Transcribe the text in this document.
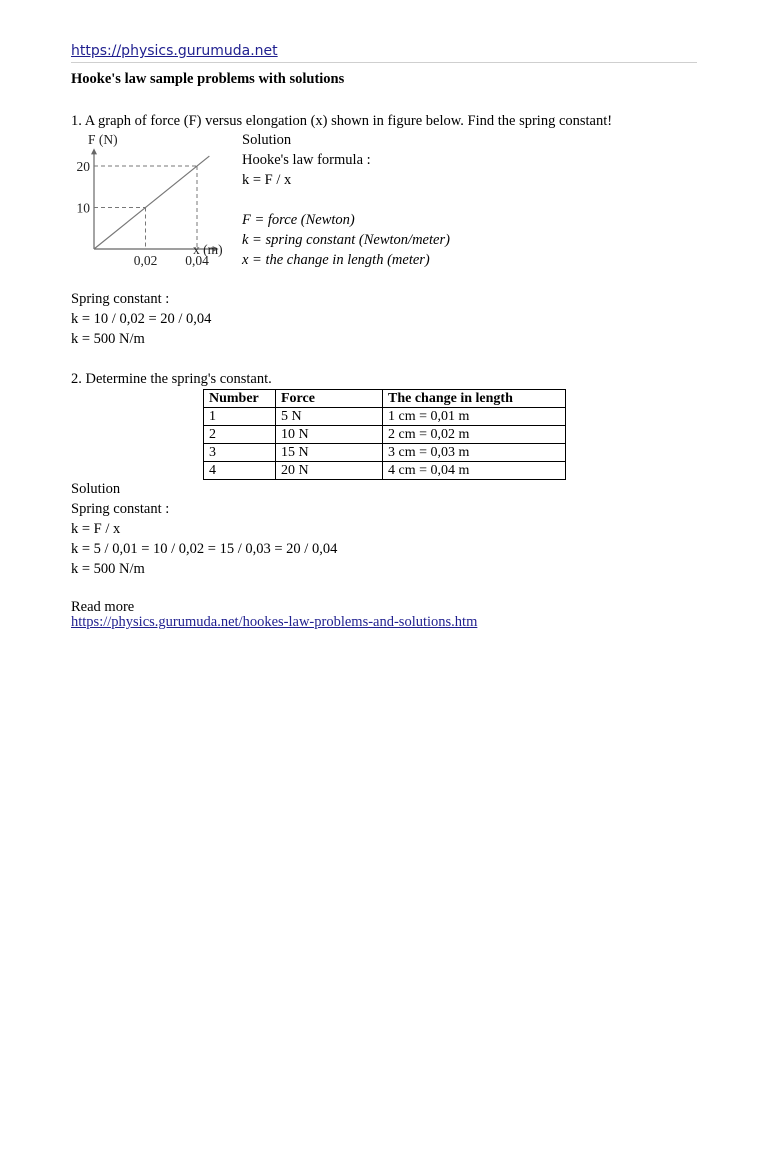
https://physics.gurumuda.net
Hooke's law sample problems with solutions
1. A graph of force (F) versus elongation (x) shown in figure below. Find the spring constant!
F (N)
x (m)
10
20
0,02 0,04
Solution
Hooke's law formula :
k = F / x
F = force (Newton)
k = spring constant (Newton/meter)
x = the change in length (meter)
Spring constant :
k = 10 / 0,02 = 20 / 0,04
k = 500 N/m
2. Determine the spring's constant.
Number	Force	The change in length
1	5 N	1 cm = 0,01 m
2	10 N	2 cm = 0,02 m
3	15 N	3 cm = 0,03 m
4	20 N	4 cm = 0,04 m
Solution
Spring constant :
k = F / x
k = 5 / 0,01 = 10 / 0,02 = 15 / 0,03 = 20 / 0,04
k = 500 N/m
Read more
https://physics.gurumuda.net/hookes-law-problems-and-solutions.htm
